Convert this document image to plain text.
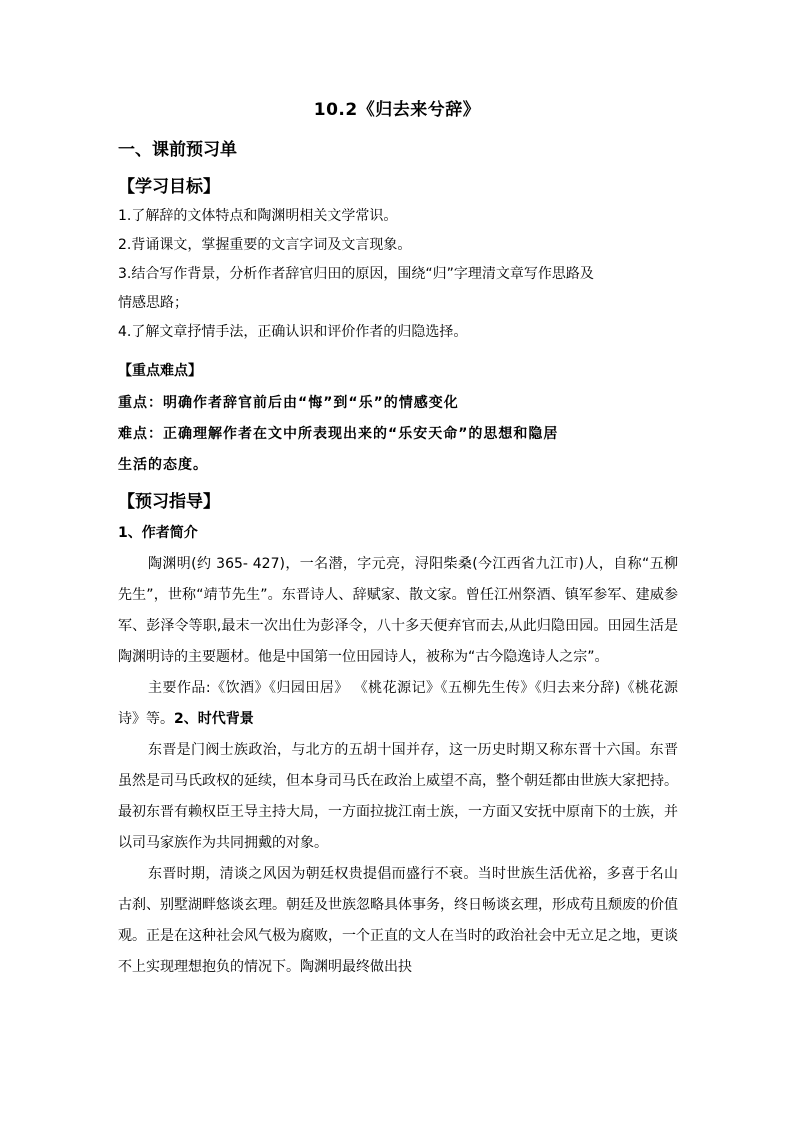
10.2《归去来兮辞》
一、课前预习单
【学习目标】
1.了解辞的文体特点和陶渊明相关文学常识。
2.背诵课文，掌握重要的文言字词及文言现象。
3.结合写作背景，分析作者辞官归田的原因，围绕“归”字理清文章写作思路及
情感思路；
4.了解文章抒情手法，正确认识和评价作者的归隐选择。
【重点难点】
重点：明确作者辞官前后由“悔”到“乐”的情感变化
难点：正确理解作者在文中所表现出来的“乐安天命”的思想和隐居
生活的态度。
【预习指导】
1、作者简介

陶渊明(约 365- 427)，一名潜，字元亮，浔阳柴桑(今江西省九江市)人，自称“五柳先生”，世称“靖节先生”。东晋诗人、辞赋家、散文家。曾任江州祭酒、镇军参军、建威参军、彭泽令等职,最末一次出仕为彭泽令，八十多天便弃官而去,从此归隐田园。田园生活是陶渊明诗的主要题材。他是中国第一位田园诗人，被称为“古今隐逸诗人之宗”。

主要作品:《饮酒》《归园田居》 《桃花源记》《五柳先生传》《归去来分辞)《桃花源诗》等。2、时代背景

东晋是门阀士族政治，与北方的五胡十国并存，这一历史时期又称东晋十六国。东晋虽然是司马氏政权的延续，但本身司马氏在政治上威望不高，整个朝廷都由世族大家把持。最初东晋有赖权臣王导主持大局，一方面拉拢江南士族，一方面又安抚中原南下的士族，并以司马家族作为共同拥戴的对象。

东晋时期，清谈之风因为朝廷权贵提倡而盛行不衰。当时世族生活优裕，多喜于名山古刹、别墅湖畔悠谈玄理。朝廷及世族忽略具体事务，终日畅谈玄理，形成苟且颓废的价值观。正是在这种社会风气极为腐败，一个正直的文人在当时的政治社会中无立足之地，更谈不上实现理想抱负的情况下。陶渊明最终做出抉
